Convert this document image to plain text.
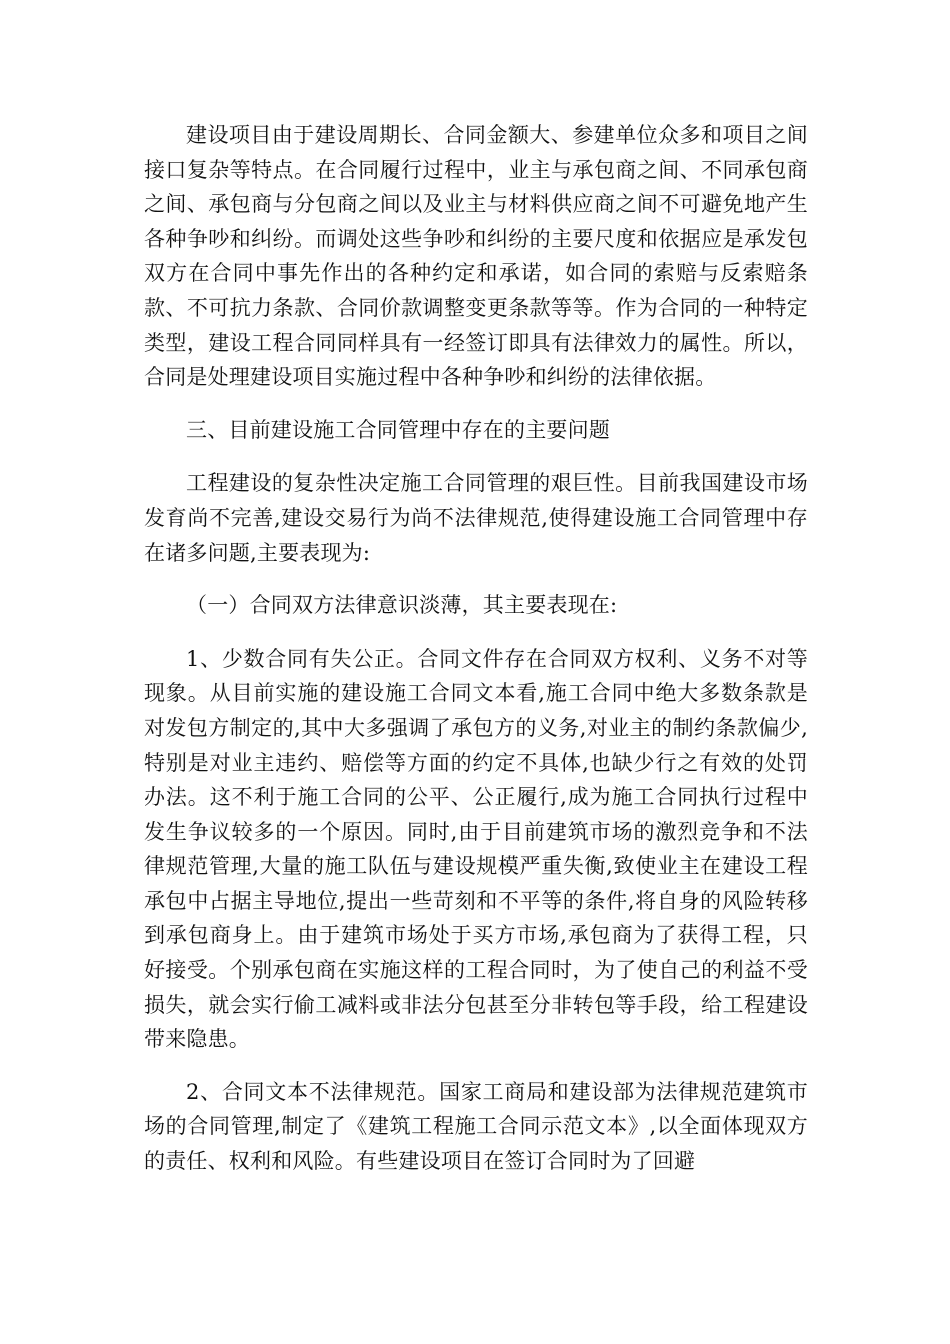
建设项目由于建设周期长、合同金额大、参建单位众多和项目之间接口复杂等特点。在合同履行过程中，业主与承包商之间、不同承包商之间、承包商与分包商之间以及业主与材料供应商之间不可避免地产生各种争吵和纠纷。而调处这些争吵和纠纷的主要尺度和依据应是承发包双方在合同中事先作出的各种约定和承诺，如合同的索赔与反索赔条款、不可抗力条款、合同价款调整变更条款等等。作为合同的一种特定类型，建设工程合同同样具有一经签订即具有法律效力的属性。所以，合同是处理建设项目实施过程中各种争吵和纠纷的法律依据。

三、目前建设施工合同管理中存在的主要问题

工程建设的复杂性决定施工合同管理的艰巨性。目前我国建设市场发育尚不完善,建设交易行为尚不法律规范,使得建设施工合同管理中存在诸多问题,主要表现为:

（一）合同双方法律意识淡薄，其主要表现在:

1、少数合同有失公正。合同文件存在合同双方权利、义务不对等现象。从目前实施的建设施工合同文本看,施工合同中绝大多数条款是对发包方制定的,其中大多强调了承包方的义务,对业主的制约条款偏少,特别是对业主违约、赔偿等方面的约定不具体,也缺少行之有效的处罚办法。这不利于施工合同的公平、公正履行,成为施工合同执行过程中发生争议较多的一个原因。同时,由于目前建筑市场的激烈竞争和不法律规范管理,大量的施工队伍与建设规模严重失衡,致使业主在建设工程承包中占据主导地位,提出一些苛刻和不平等的条件,将自身的风险转移到承包商身上。由于建筑市场处于买方市场,承包商为了获得工程，只好接受。个别承包商在实施这样的工程合同时，为了使自己的利益不受损失，就会实行偷工减料或非法分包甚至分非转包等手段，给工程建设带来隐患。

2、合同文本不法律规范。国家工商局和建设部为法律规范建筑市场的合同管理,制定了《建筑工程施工合同示范文本》,以全面体现双方的责任、权利和风险。有些建设项目在签订合同时为了回避
